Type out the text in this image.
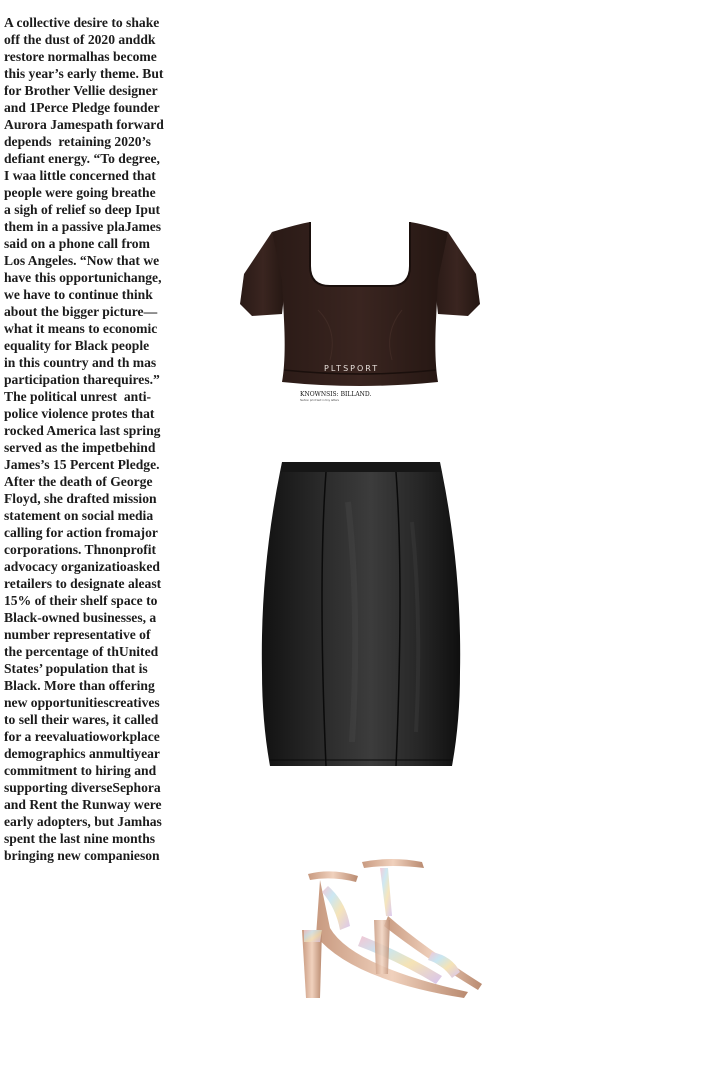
A collective desire to shake
off the dust of 2020 anddk
restore normalhas become
this year’s early theme. But
for Brother Vellie designer
and 1Perce Pledge founder
Aurora Jamespath forward
depends  retaining 2020’s
defiant energy. “To degree,
I waa little concerned that
people were going breathe
a sigh of relief so deep Iput
them in a passive plaJames
said on a phone call from
Los Angeles. “Now that we
have this opportunichange,
we have to continue think
about the bigger picture—
what it means to economic
equality for Black people
in this country and th mas
participation tharequires.”
The political unrest  anti-
police violence protes that
rocked America last spring
served as the impetbehind
James’s 15 Percent Pledge.
After the death of George
Floyd, she drafted mission
statement on social media
calling for action fromajor
corporations. Thnonprofit
advocacy organizatioasked
retailers to designate aleast
15% of their shelf space to
Black-owned businesses, a
number representative of
the percentage of thUnited
States’ population that is
Black. More than offering
new opportunitiescreatives
to sell their wares, it called
for a reevaluatioworkplace
demographics anmultiyear
commitment to hiring and
supporting diverseSephora
and Rent the Runway were
early adopters, but Jamhas
spent the last nine months
bringing new companieson
PLTSPORT
KNOWNSIS: BILLAND.
fashion print text in tiny letters
